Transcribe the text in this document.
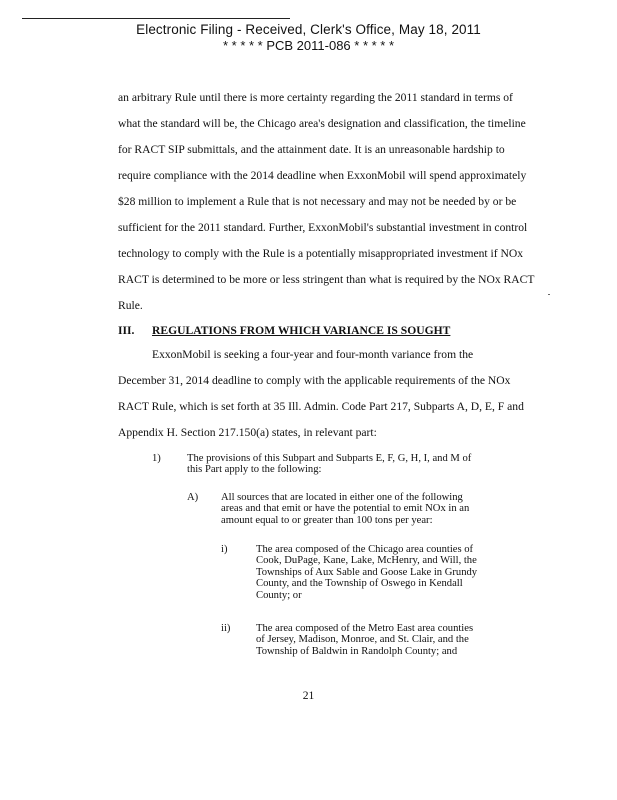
Electronic Filing - Received, Clerk's Office, May 18, 2011
* * * * * PCB 2011-086 * * * * *
an arbitrary Rule until there is more certainty regarding the 2011 standard in terms of
what the standard will be, the Chicago area's designation and classification, the timeline
for RACT SIP submittals, and the attainment date. It is an unreasonable hardship to
require compliance with the 2014 deadline when ExxonMobil will spend approximately
$28 million to implement a Rule that is not necessary and may not be needed by or be
sufficient for the 2011 standard. Further, ExxonMobil's substantial investment in control
technology to comply with the Rule is a potentially misappropriated investment if NOx
RACT is determined to be more or less stringent than what is required by the NOx RACT
Rule.
III. REGULATIONS FROM WHICH VARIANCE IS SOUGHT
ExxonMobil is seeking a four-year and four-month variance from the
December 31, 2014 deadline to comply with the applicable requirements of the NOx
RACT Rule, which is set forth at 35 Ill. Admin. Code Part 217, Subparts A, D, E, F and
Appendix H. Section 217.150(a) states, in relevant part:
1) The provisions of this Subpart and Subparts E, F, G, H, I, and M of
this Part apply to the following:
A) All sources that are located in either one of the following
areas and that emit or have the potential to emit NOx in an
amount equal to or greater than 100 tons per year:
i)	The area composed of the Chicago area counties of
Cook, DuPage, Kane, Lake, McHenry, and Will, the
Townships of Aux Sable and Goose Lake in Grundy
County, and the Township of Oswego in Kendall
County; or
ii) The area composed of the Metro East area counties
of Jersey, Madison, Monroe, and St. Clair, and the
Township of Baldwin in Randolph County; and
21
